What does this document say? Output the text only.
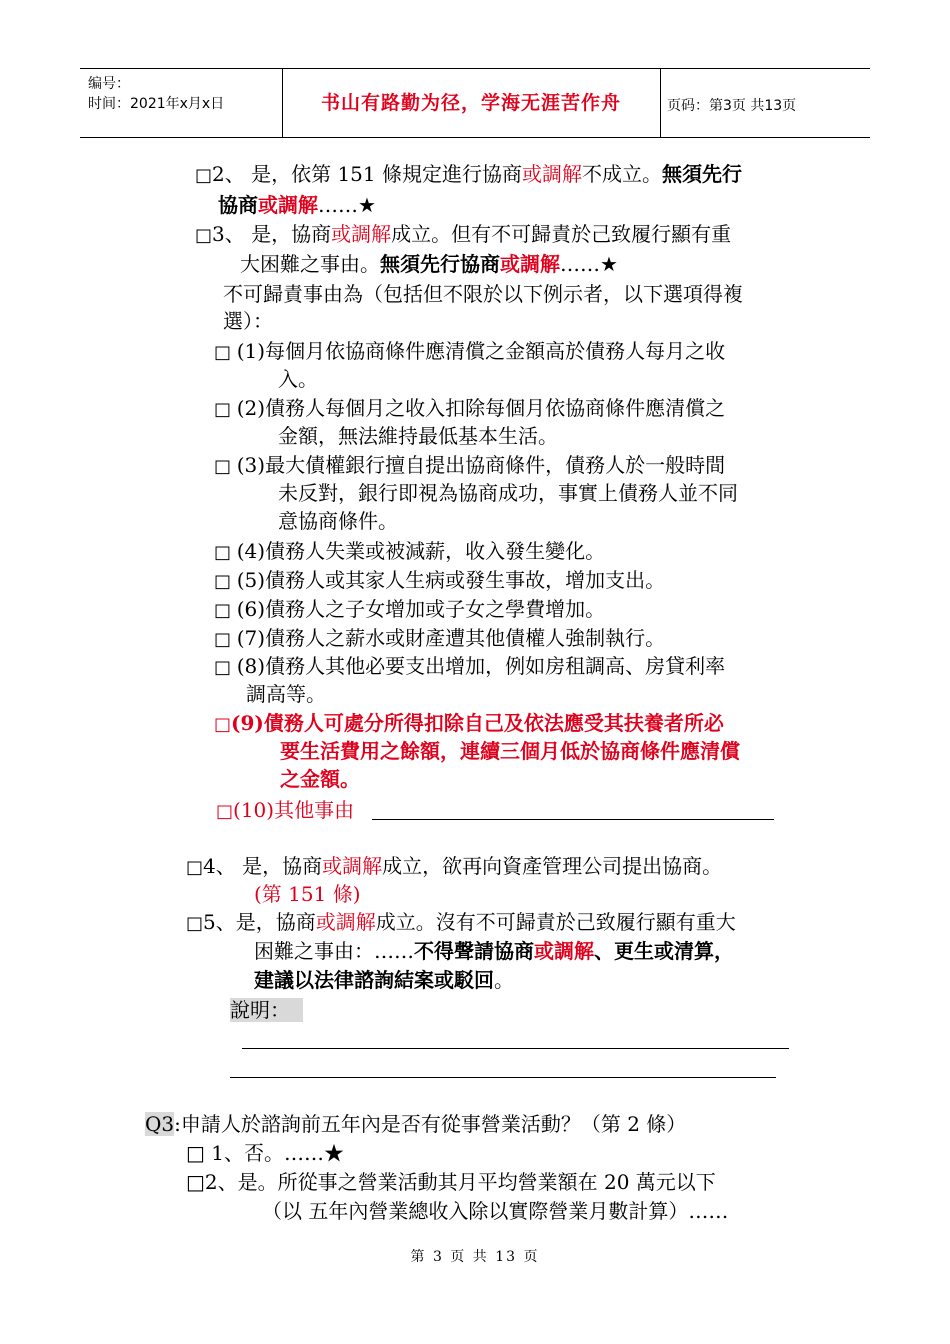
编号：
时间：2021年x月x日	书山有路勤为径，学海无涯苦作舟	页码：第3页 共13页
□2、 是，依第 151 條規定進行協商或調解不成立。無須先行
協商或調解……★
□3、 是，協商或調解成立。但有不可歸責於己致履行顯有重
大困難之事由。無須先行協商或調解……★
不可歸責事由為（包括但不限於以下例示者，以下選項得複
選）：
□ (1)每個月依協商條件應清償之金額高於債務人每月之收
入。
□ (2)債務人每個月之收入扣除每個月依協商條件應清償之
金額，無法維持最低基本生活。
□ (3)最大債權銀行擅自提出協商條件，債務人於一般時間
未反對，銀行即視為協商成功，事實上債務人並不同
意協商條件。
□ (4)債務人失業或被減薪，收入發生變化。
□ (5)債務人或其家人生病或發生事故，增加支出。
□ (6)債務人之子女增加或子女之學費增加。
□ (7)債務人之薪水或財產遭其他債權人強制執行。
□ (8)債務人其他必要支出增加，例如房租調高、房貸利率
調高等。
□(9)債務人可處分所得扣除自己及依法應受其扶養者所必
要生活費用之餘額，連續三個月低於協商條件應清償
之金額。
□(10)其他事由
□4、 是，協商或調解成立，欲再向資產管理公司提出協商。
(第 151 條)
□5、是，協商或調解成立。沒有不可歸責於己致履行顯有重大
困難之事由：……不得聲請協商或調解、更生或清算，
建議以法律諮詢結案或駁回。
說明：
Q3:申請人於諮詢前五年內是否有從事營業活動？（第 2 條）
□ 1、否。……★
□2、是。所從事之營業活動其月平均營業額在 20 萬元以下
（以 五年內營業總收入除以實際營業月數計算）……
第 3 页 共 13 页
